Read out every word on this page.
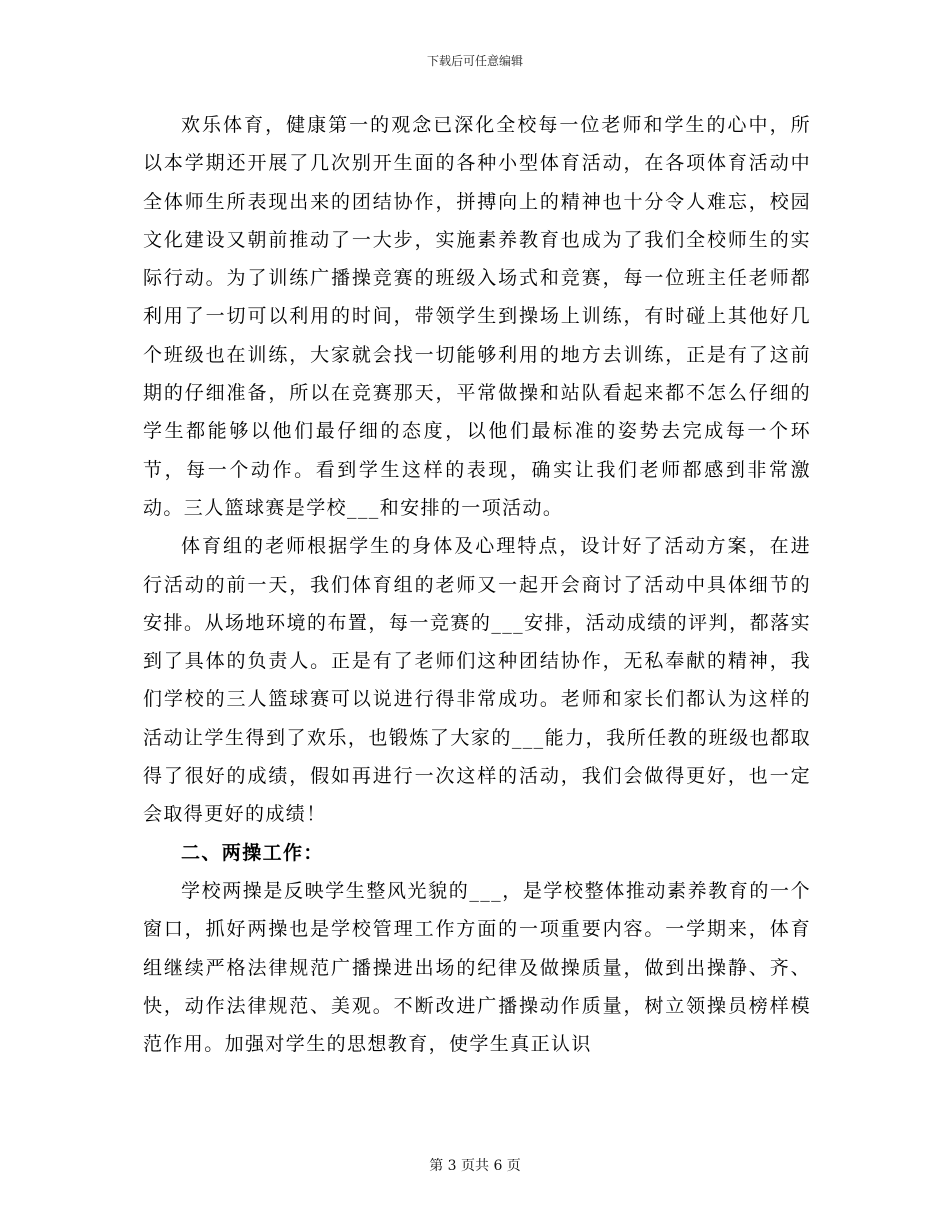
下载后可任意编辑

欢乐体育，健康第一的观念已深化全校每一位老师和学生的心中，所以本学期还开展了几次别开生面的各种小型体育活动，在各项体育活动中全体师生所表现出来的团结协作，拼搏向上的精神也十分令人难忘，校园文化建设又朝前推动了一大步，实施素养教育也成为了我们全校师生的实际行动。为了训练广播操竞赛的班级入场式和竞赛，每一位班主任老师都利用了一切可以利用的时间，带领学生到操场上训练，有时碰上其他好几个班级也在训练，大家就会找一切能够利用的地方去训练，正是有了这前期的仔细准备，所以在竞赛那天，平常做操和站队看起来都不怎么仔细的学生都能够以他们最仔细的态度，以他们最标准的姿势去完成每一个环节，每一个动作。看到学生这样的表现，确实让我们老师都感到非常激动。三人篮球赛是学校___和安排的一项活动。

体育组的老师根据学生的身体及心理特点，设计好了活动方案，在进行活动的前一天，我们体育组的老师又一起开会商讨了活动中具体细节的安排。从场地环境的布置，每一竞赛的___安排，活动成绩的评判，都落实到了具体的负责人。正是有了老师们这种团结协作，无私奉献的精神，我们学校的三人篮球赛可以说进行得非常成功。老师和家长们都认为这样的活动让学生得到了欢乐，也锻炼了大家的___能力，我所任教的班级也都取得了很好的成绩，假如再进行一次这样的活动，我们会做得更好，也一定会取得更好的成绩！

二、两操工作：

学校两操是反映学生整风光貌的___，是学校整体推动素养教育的一个窗口，抓好两操也是学校管理工作方面的一项重要内容。一学期来，体育组继续严格法律规范广播操进出场的纪律及做操质量，做到出操静、齐、快，动作法律规范、美观。不断改进广播操动作质量，树立领操员榜样模范作用。加强对学生的思想教育，使学生真正认识

第 3 页共 6 页
